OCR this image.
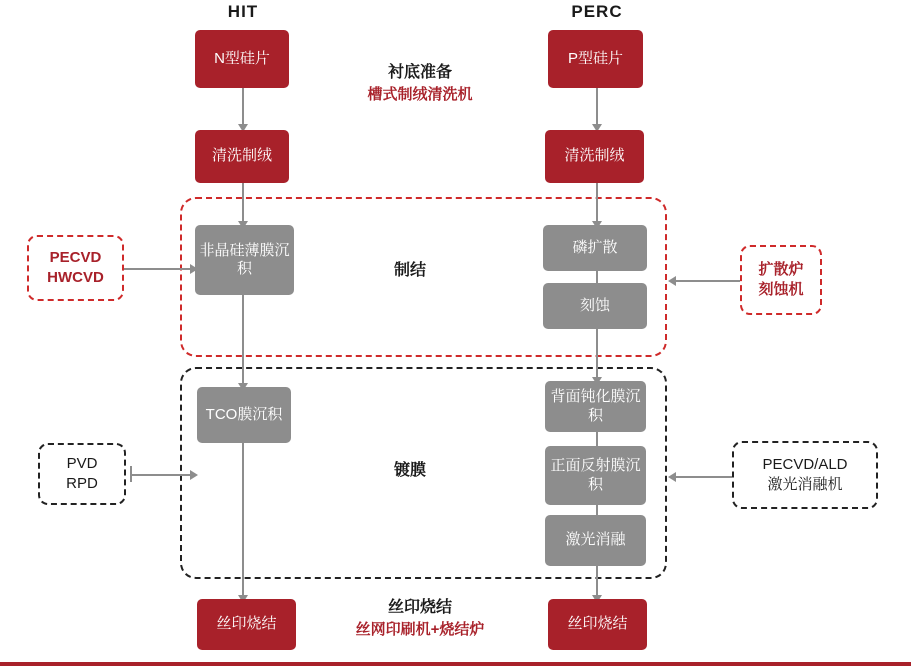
HIT	PERC
N型硅片
清洗制绒
非晶硅薄膜沉积
TCO膜沉积
丝印烧结
P型硅片
清洗制绒
磷扩散
刻蚀
背面钝化膜沉积
正面反射膜沉积
激光消融
丝印烧结
衬底准备
槽式制绒清洗机
制结
镀膜
丝印烧结
丝网印刷机+烧结炉
PECVD
HWCVD	扩散炉
刻蚀机
PVD
RPD
PECVD/ALD
激光消融机
